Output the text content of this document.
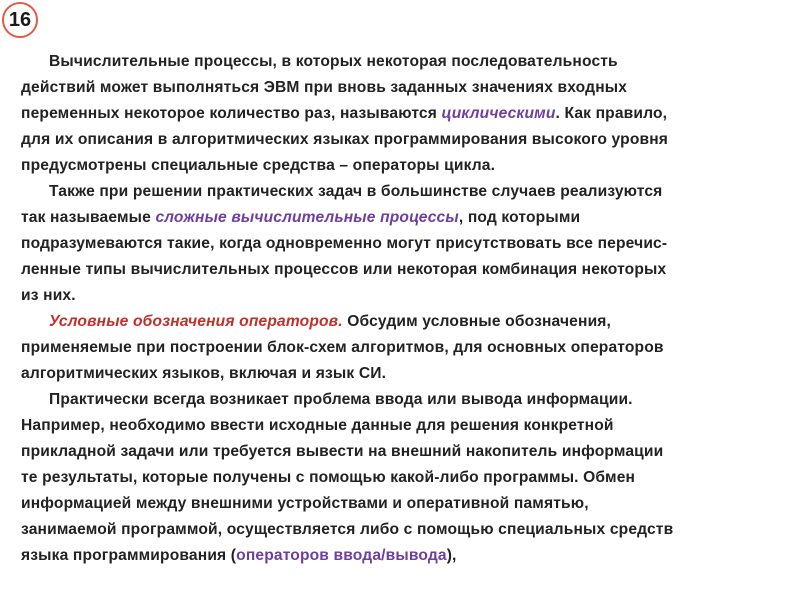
16
Вычислительные процессы, в которых некоторая последовательность
действий может выполняться ЭВМ при вновь заданных значениях входных
переменных некоторое количество раз, называются циклическими. Как правило,
для их описания в алгоритмических языках программирования высокого уровня
предусмотрены специальные средства – операторы цикла.
Также при решении практических задач в большинстве случаев реализуются
так называемые сложные вычислительные процессы, под которыми
подразумеваются такие, когда одновременно могут присутствовать все перечис-
ленные типы вычислительных процессов или некоторая комбинация некоторых
из них.
Условные обозначения операторов. Обсудим условные обозначения,
применяемые при построении блок-схем алгоритмов, для основных операторов
алгоритмических языков, включая и язык СИ.
Практически всегда возникает проблема ввода или вывода информации.
Например, необходимо ввести исходные данные для решения конкретной
прикладной задачи или требуется вывести на внешний накопитель информации
те результаты, которые получены с помощью какой-либо программы. Обмен
информацией между внешними устройствами и оперативной памятью,
занимаемой программой, осуществляется либо с помощью специальных средств
языка программирования (операторов ввода/вывода),
